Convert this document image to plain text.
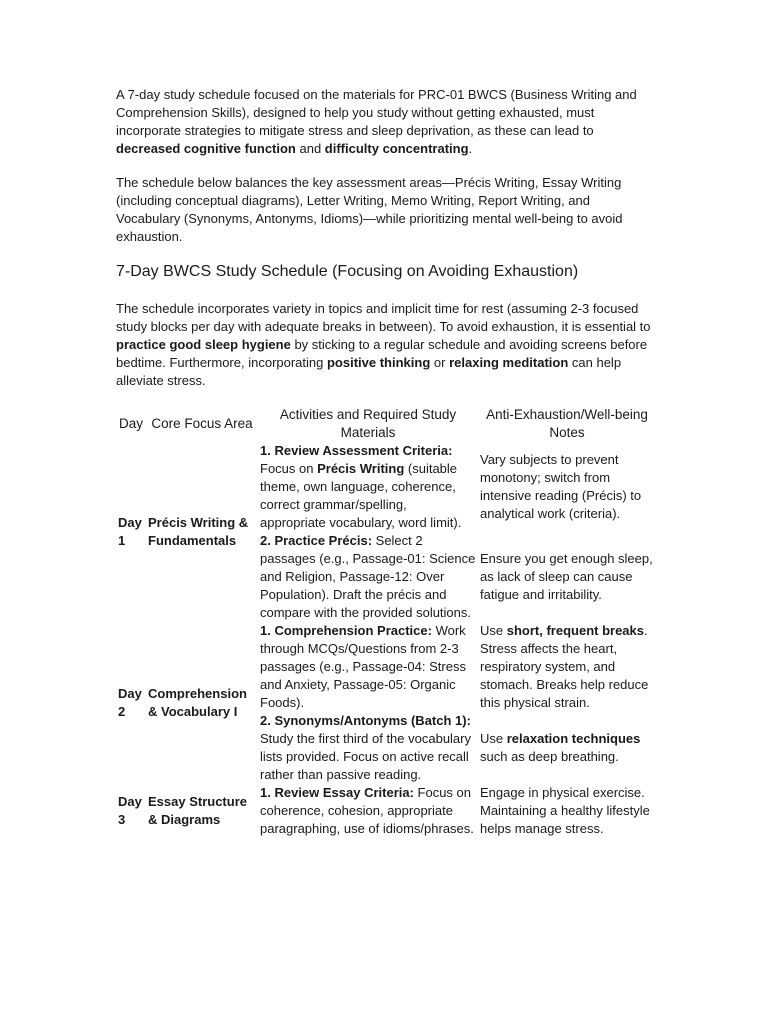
A 7-day study schedule focused on the materials for PRC-01 BWCS (Business Writing and Comprehension Skills), designed to help you study without getting exhausted, must incorporate strategies to mitigate stress and sleep deprivation, as these can lead to decreased cognitive function and difficulty concentrating.

The schedule below balances the key assessment areas—Précis Writing, Essay Writing (including conceptual diagrams), Letter Writing, Memo Writing, Report Writing, and Vocabulary (Synonyms, Antonyms, Idioms)—while prioritizing mental well-being to avoid exhaustion.

7-Day BWCS Study Schedule (Focusing on Avoiding Exhaustion)

The schedule incorporates variety in topics and implicit time for rest (assuming 2-3 focused study blocks per day with adequate breaks in between). To avoid exhaustion, it is essential to practice good sleep hygiene by sticking to a regular schedule and avoiding screens before bedtime. Furthermore, incorporating positive thinking or relaxing meditation can help alleviate stress.

Day	Core Focus Area	Activities and Required Study Materials	Anti-Exhaustion/Well-being Notes
Day 1	Précis Writing & Fundamentals	1. Review Assessment Criteria: Focus on Précis Writing (suitable theme, own language, coherence, correct grammar/spelling, appropriate vocabulary, word limit).	Vary subjects to prevent monotony; switch from intensive reading (Précis) to analytical work (criteria).
		2. Practice Précis: Select 2 passages (e.g., Passage-01: Science and Religion, Passage-12: Over Population). Draft the précis and compare with the provided solutions.	Ensure you get enough sleep, as lack of sleep can cause fatigue and irritability.
Day 2	Comprehension & Vocabulary I	1. Comprehension Practice: Work through MCQs/Questions from 2-3 passages (e.g., Passage-04: Stress and Anxiety, Passage-05: Organic Foods).	Use short, frequent breaks. Stress affects the heart, respiratory system, and stomach. Breaks help reduce this physical strain.
		2. Synonyms/Antonyms (Batch 1): Study the first third of the vocabulary lists provided. Focus on active recall rather than passive reading.	Use relaxation techniques such as deep breathing.
Day 3	Essay Structure & Diagrams	1. Review Essay Criteria: Focus on coherence, cohesion, appropriate paragraphing, use of idioms/phrases.	Engage in physical exercise. Maintaining a healthy lifestyle helps manage stress.
